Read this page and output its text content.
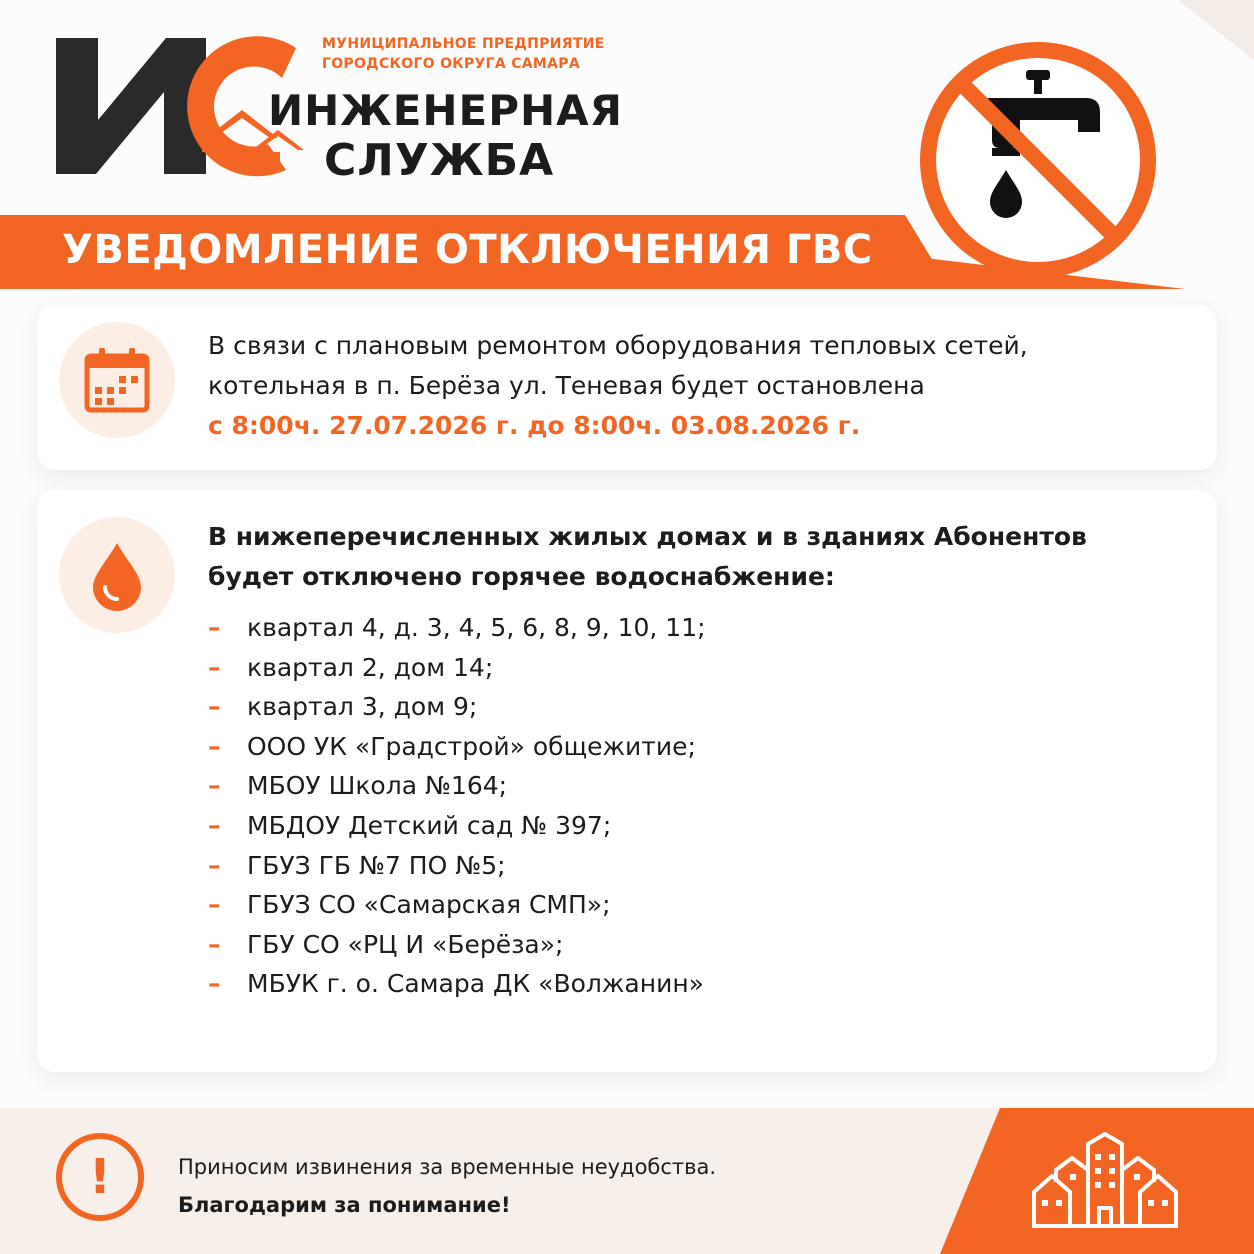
МУНИЦИПАЛЬНОЕ ПРЕДПРИЯТИЕ
ГОРОДСКОГО ОКРУГА САМАРА
ИНЖЕНЕРНАЯ
СЛУЖБА
УВЕДОМЛЕНИЕ ОТКЛЮЧЕНИЯ ГВС
В связи с плановым ремонтом оборудования тепловых сетей,
котельная в п. Берёза ул. Теневая будет остановлена
с 8:00ч. 27.07.2026 г. до 8:00ч. 03.08.2026 г.
В нижеперечисленных жилых домах и в зданиях Абонентов
будет отключено горячее водоснабжение:
– квартал 4, д. 3, 4, 5, 6, 8, 9, 10, 11;
– квартал 2, дом 14;
– квартал 3, дом 9;
– ООО УК «Градстрой» общежитие;
– МБОУ Школа №164;
– МБДОУ Детский сад № 397;
– ГБУЗ ГБ №7 ПО №5;
– ГБУЗ СО «Самарская СМП»;
– ГБУ СО «РЦ И «Берёза»;
– МБУК г. о. Самара ДК «Волжанин»
!	Приносим извинения за временные неудобства.
Благодарим за понимание!
